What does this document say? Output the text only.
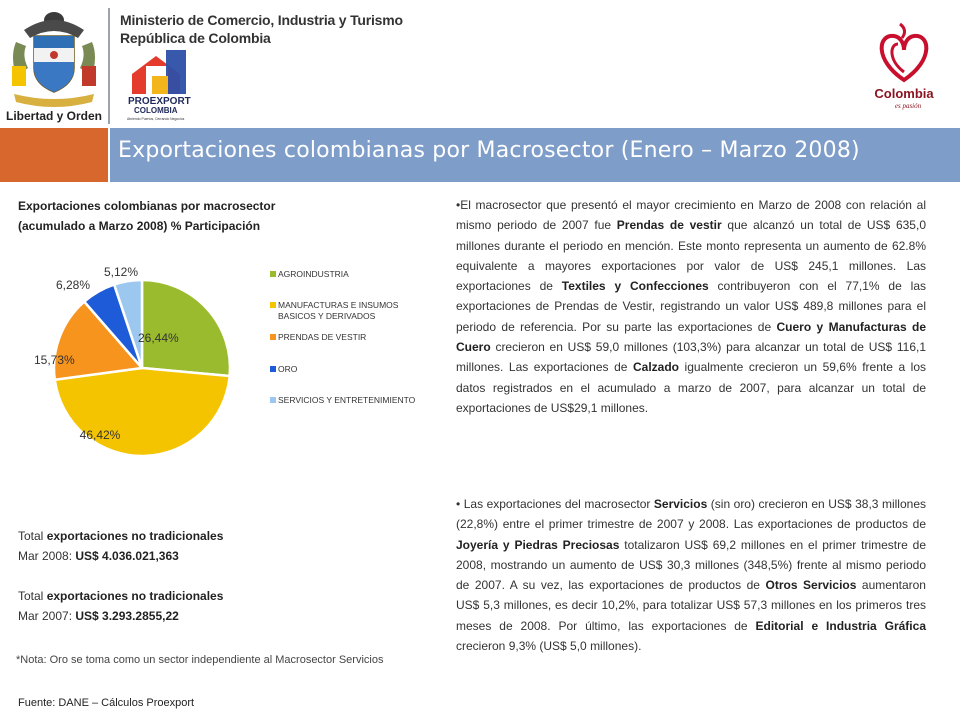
Libertad y Orden
Ministerio de Comercio, Industria y Turismo
República de Colombia
PROEXPORT
COLOMBIA
Abriendo Puertos, Cerrando Negocios
Colombia
es pasión
Exportaciones colombianas por Macrosector (Enero – Marzo 2008)
Exportaciones colombianas por macrosector
(acumulado a Marzo 2008) % Participación
26,44%
46,42%
15,73%
6,28%
5,12%	AGROINDUSTRIA
MANUFACTURAS E INSUMOS
BASICOS Y DERIVADOS
PRENDAS DE VESTIR
ORO
SERVICIOS Y ENTRETENIMIENTO
Total exportaciones no tradicionales
Mar 2008: US$ 4.036.021,363
Total exportaciones no tradicionales
Mar 2007: US$ 3.293.2855,22
*Nota: Oro se toma como un sector independiente al Macrosector Servicios
Fuente: DANE – Cálculos Proexport
•El macrosector que presentó el mayor crecimiento en Marzo de 2008 con relación al mismo periodo de 2007 fue Prendas de vestir que alcanzó un total de US$ 635,0 millones durante el periodo en mención. Este monto representa un aumento de 62.8% equivalente a mayores exportaciones por valor de US$ 245,1 millones. Las exportaciones de Textiles y Confecciones contribuyeron con el 77,1% de las exportaciones de Prendas de Vestir, registrando un valor US$ 489,8 millones para el periodo de referencia. Por su parte las exportaciones de Cuero y Manufacturas de Cuero crecieron en US$ 59,0 millones (103,3%) para alcanzar un total de US$ 116,1 millones. Las exportaciones de Calzado igualmente crecieron un 59,6% frente a los datos registrados en el acumulado a marzo de 2007, para alcanzar un total de exportaciones de US$29,1 millones.
• Las exportaciones del macrosector Servicios (sin oro) crecieron en US$ 38,3 millones (22,8%) entre el primer trimestre de 2007 y 2008. Las exportaciones de productos de Joyería y Piedras Preciosas totalizaron US$ 69,2 millones en el primer trimestre de 2008, mostrando un aumento de US$ 30,3 millones (348,5%) frente al mismo periodo de 2007. A su vez, las exportaciones de productos de Otros Servicios aumentaron US$ 5,3 millones, es decir 10,2%, para totalizar US$ 57,3 millones en los primeros tres meses de 2008. Por último, las exportaciones de Editorial e Industria Gráfica crecieron 9,3% (US$ 5,0 millones).
